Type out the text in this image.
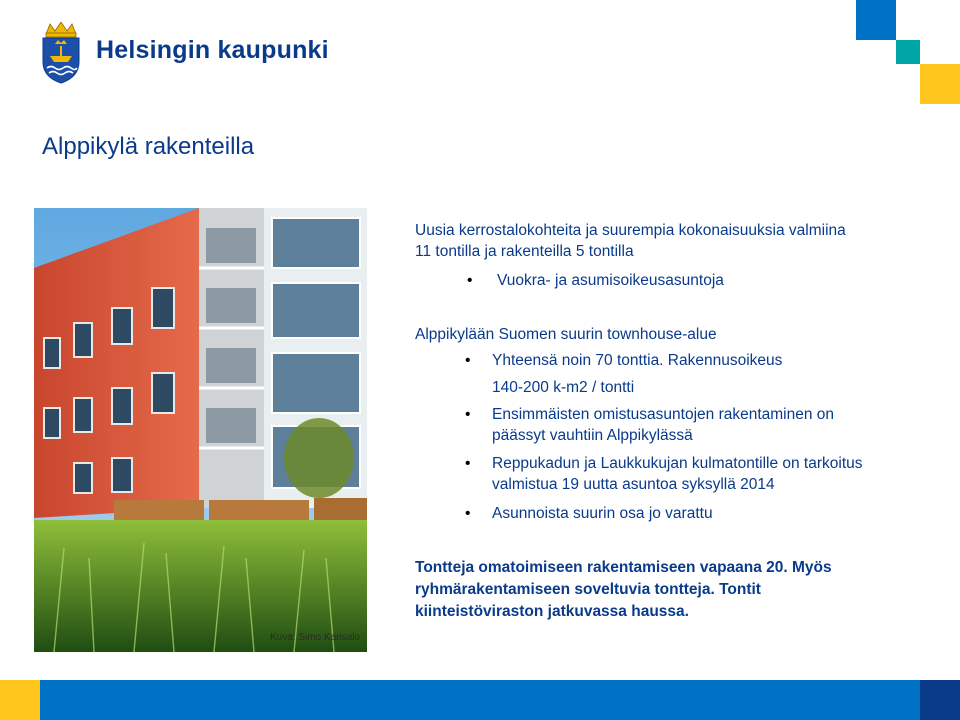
Helsingin kaupunki
Alppikylä rakenteilla
Kuva: Simo Karisalo
Uusia kerrostalokohteita ja suurempia kokonaisuuksia valmiina
11 tontilla ja rakenteilla 5 tontilla
• Vuokra- ja asumisoikeusasuntoja
Alppikylään Suomen suurin townhouse-alue
• Yhteensä noin 70 tonttia. Rakennusoikeus
140-200 k-m2 / tontti
• Ensimmäisten omistusasuntojen rakentaminen on
päässyt vauhtiin Alppikylässä
• Reppukadun ja Laukkukujan kulmatontille on tarkoitus
valmistua 19 uutta asuntoa syksyllä 2014
• Asunnoista suurin osa jo varattu
Tontteja omatoimiseen rakentamiseen vapaana 20. Myös
ryhmärakentamiseen soveltuvia tontteja. Tontit
kiinteistöviraston jatkuvassa haussa.
